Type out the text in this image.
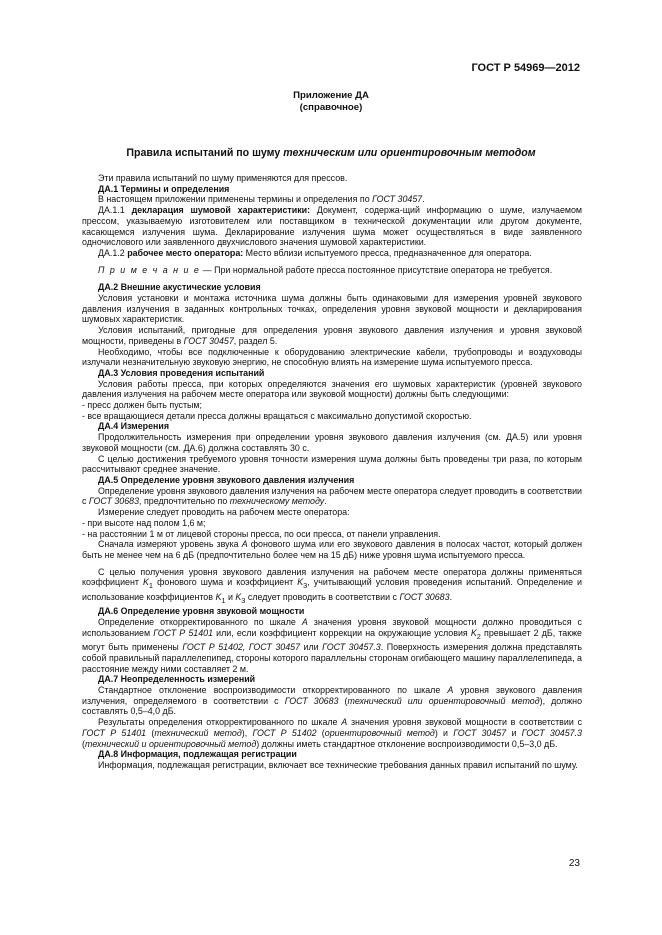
ГОСТ Р 54969—2012
Приложение ДА
(справочное)
Правила испытаний по шуму техническим или ориентировочным методом

Эти правила испытаний по шуму применяются для прессов.

ДА.1 Термины и определения

В настоящем приложении применены термины и определения по ГОСТ 30457.

ДА.1.1 декларация шумовой характеристики: Документ, содержа-щий информацию о шуме, излучаемом прессом, указываемую изготовителем или поставщиком в технической документации или другом документе, касающемся излучения шума. Декларирование излучения шума может осуществляться в виде заявленного одночислового или заявленного двухчислового значения шумовой характеристики.

ДА.1.2 рабочее место оператора: Место вблизи испытуемого пресса, предназначенное для оператора.

П р и м е ч а н и е — При нормальной работе пресса постоянное присутствие оператора не требуется.

ДА.2 Внешние акустические условия

Условия установки и монтажа источника шума должны быть одинаковыми для измерения уровней звукового давления излучения в заданных контрольных точках, определения уровня звуковой мощности и декларирования шумовых характеристик.

Условия испытаний, пригодные для определения уровня звукового давления излучения и уровня звуковой мощности, приведены в ГОСТ 30457, раздел 5.

Необходимо, чтобы все подключенные к оборудованию электрические кабели, трубопроводы и воздуховоды излучали незначительную звуковую энергию, не способную влиять на измерение шума испытуемого пресса.

ДА.3 Условия проведения испытаний

Условия работы пресса, при которых определяются значения его шумовых характеристик (уровней звукового давления излучения на рабочем месте оператора или звуковой мощности) должны быть следующими:

- пресс должен быть пустым;

- все вращающиеся детали пресса должны вращаться с максимально допустимой скоростью.

ДА.4 Измерения

Продолжительность измерения при определении уровня звукового давления излучения (см. ДА.5) или уровня звуковой мощности (см. ДА.6) должна составлять 30 с.

С целью достижения требуемого уровня точности измерения шума должны быть проведены три раза, по которым рассчитывают среднее значение.

ДА.5 Определение уровня звукового давления излучения

Определение уровня звукового давления излучения на рабочем месте оператора следует проводить в соответствии с ГОСТ 30683, предпочтительно по техническому методу.

Измерение следует проводить на рабочем месте оператора:

- при высоте над полом 1,6 м;

- на расстоянии 1 м от лицевой стороны пресса, по оси пресса, от панели управления.

Сначала измеряют уровень звука А фонового шума или его звукового давления в полосах частот, который должен быть не менее чем на 6 дБ (предпочтительно более чем на 15 дБ) ниже уровня шума испытуемого пресса.

С целью получения уровня звукового давления излучения на рабочем месте оператора должны применяться коэффициент $K_1$ фонового шума и коэффициент $K_3$, учитывающий условия проведения испытаний. Определение и использование коэффициентов $K_1$ и $K_3$ следует проводить в соответствии с ГОСТ 30683.

ДА.6 Определение уровня звуковой мощности

Определение откорректированного по шкале А значения уровня звуковой мощности должно проводиться с использованием ГОСТ Р 51401 или, если коэффициент коррекции на окружающие условия $K_2$ превышает 2 дБ, также могут быть применены ГОСТ Р 51402, ГОСТ 30457 или ГОСТ 30457.3. Поверхность измерения должна представлять собой правильный параллелепипед, стороны которого параллельны сторонам огибающего машину параллелепипеда, а расстояние между ними составляет 2 м.

ДА.7 Неопределенность измерений

Стандартное отклонение воспроизводимости откорректированного по шкале А уровня звукового давления излучения, определяемого в соответствии с ГОСТ 30683 (технический или ориентировочный метод), должно составлять 0,5–4,0 дБ.

Результаты определения откорректированного по шкале А значения уровня звуковой мощности в соответствии с ГОСТ Р 51401 (технический метод), ГОСТ Р 51402 (ориентировочный метод) и ГОСТ 30457 и ГОСТ 30457.3 (технический и ориентировочный метод) должны иметь стандартное отклонение воспроизводимости 0,5–3,0 дБ.

ДА.8 Информация, подлежащая регистрации

Информация, подлежащая регистрации, включает все технические требования данных правил испытаний по шуму.

23
